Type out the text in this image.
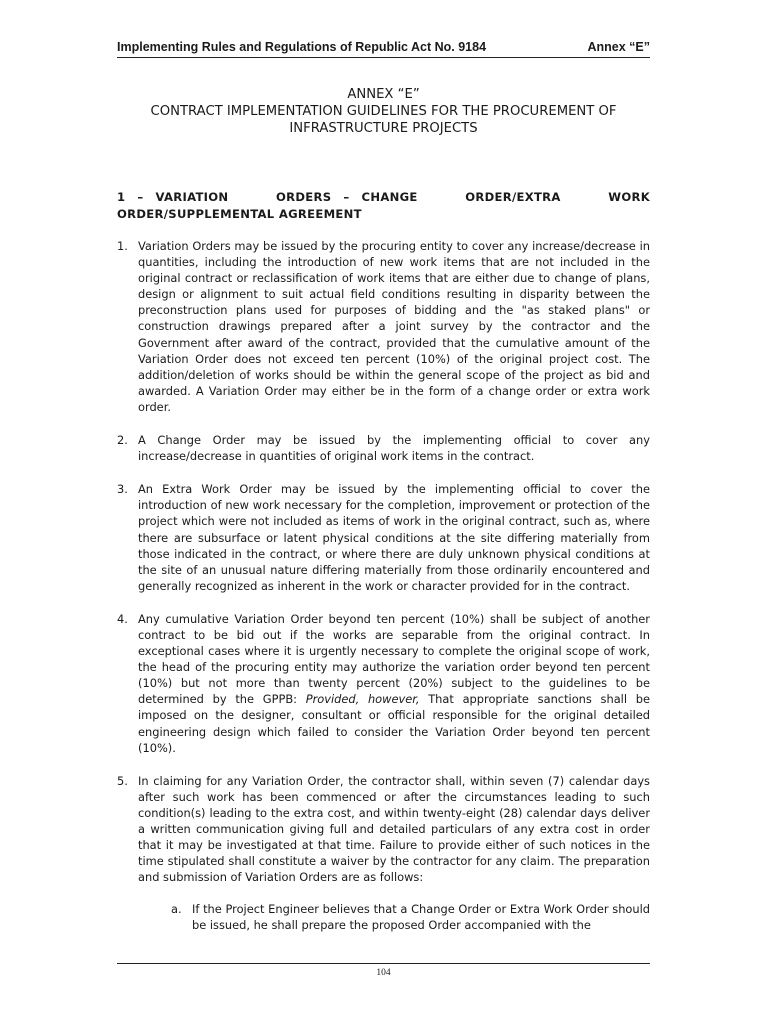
Implementing Rules and Regulations of Republic Act No. 9184	Annex “E”
ANNEX “E”
CONTRACT IMPLEMENTATION GUIDELINES FOR THE PROCUREMENT OF
INFRASTRUCTURE PROJECTS
1 – VARIATION ORDERS – CHANGE ORDER/EXTRA WORK ORDER/SUPPLEMENTAL AGREEMENT
1. Variation Orders may be issued by the procuring entity to cover any increase/decrease in quantities, including the introduction of new work items that are not included in the original contract or reclassification of work items that are either due to change of plans, design or alignment to suit actual field conditions resulting in disparity between the preconstruction plans used for purposes of bidding and the "as staked plans" or construction drawings prepared after a joint survey by the contractor and the Government after award of the contract, provided that the cumulative amount of the Variation Order does not exceed ten percent (10%) of the original project cost. The addition/deletion of works should be within the general scope of the project as bid and awarded. A Variation Order may either be in the form of a change order or extra work order.
2. A Change Order may be issued by the implementing official to cover any increase/decrease in quantities of original work items in the contract.
3. An Extra Work Order may be issued by the implementing official to cover the introduction of new work necessary for the completion, improvement or protection of the project which were not included as items of work in the original contract, such as, where there are subsurface or latent physical conditions at the site differing materially from those indicated in the contract, or where there are duly unknown physical conditions at the site of an unusual nature differing materially from those ordinarily encountered and generally recognized as inherent in the work or character provided for in the contract.
4. Any cumulative Variation Order beyond ten percent (10%) shall be subject of another contract to be bid out if the works are separable from the original contract. In exceptional cases where it is urgently necessary to complete the original scope of work, the head of the procuring entity may authorize the variation order beyond ten percent (10%) but not more than twenty percent (20%) subject to the guidelines to be determined by the GPPB: Provided, however, That appropriate sanctions shall be imposed on the designer, consultant or official responsible for the original detailed engineering design which failed to consider the Variation Order beyond ten percent (10%).
5. In claiming for any Variation Order, the contractor shall, within seven (7) calendar days after such work has been commenced or after the circumstances leading to such condition(s) leading to the extra cost, and within twenty-eight (28) calendar days deliver a written communication giving full and detailed particulars of any extra cost in order that it may be investigated at that time. Failure to provide either of such notices in the time stipulated shall constitute a waiver by the contractor for any claim. The preparation and submission of Variation Orders are as follows:
a. If the Project Engineer believes that a Change Order or Extra Work Order should be issued, he shall prepare the proposed Order accompanied with the
104
